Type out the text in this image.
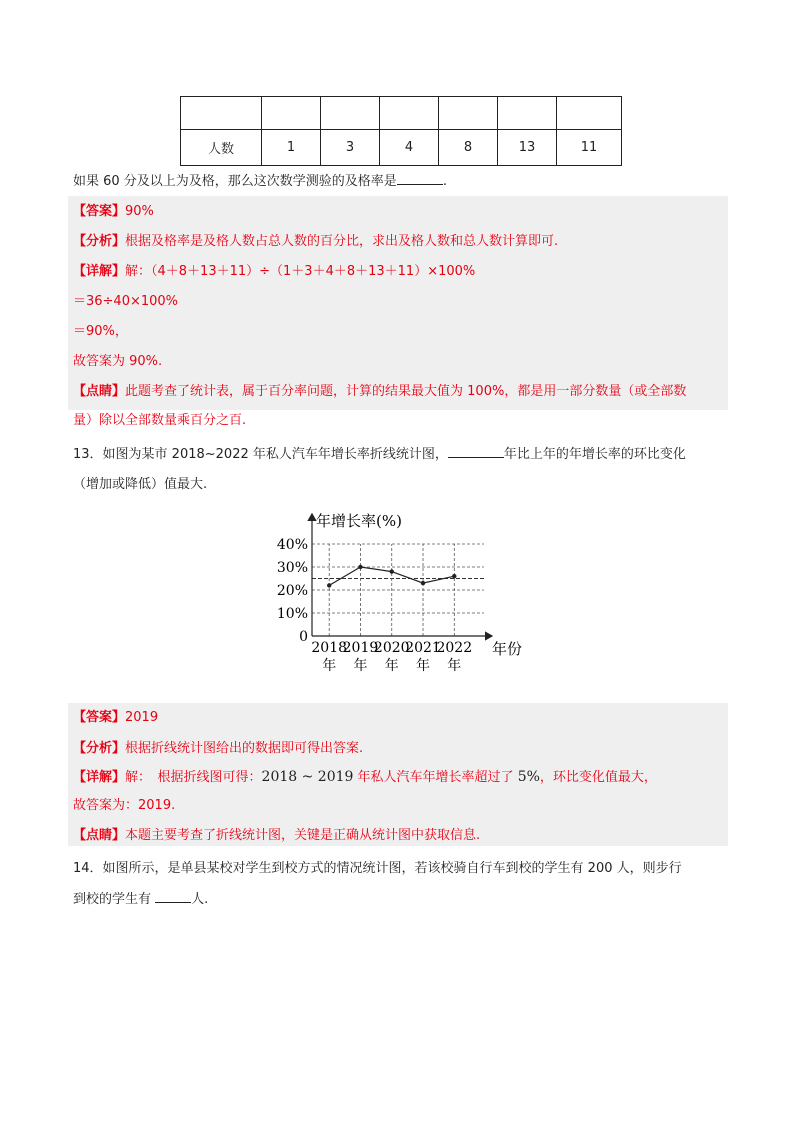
人数	1	3	4	8	13	11
如果 60 分及以上为及格，那么这次数学测验的及格率是	.
【答案】90%
【分析】根据及格率是及格人数占总人数的百分比，求出及格人数和总人数计算即可.
【详解】解：（4＋8＋13＋11）÷（1＋3＋4＋8＋13＋11）×100%
＝36÷40×100%
＝90%，
故答案为 90%.
【点睛】此题考查了统计表，属于百分率问题，计算的结果最大值为 100%，都是用一部分数量（或全部数
量）除以全部数量乘百分之百.
13．如图为某市 2018~2022 年私人汽车年增长率折线统计图，	年比上年的年增长率的环比变化
（增加或降低）值最大.
年增长率(%)
年份
0
10%
20%
30%
40%
2018
年
2019
年
2020
年
2021
年
2022
年
【答案】2019
【分析】根据折线统计图给出的数据即可得出答案.
【详解】解：　根据折线图可得：2018 ~ 2019 年私人汽车年增长率超过了 5%，环比变化值最大，
故答案为：2019.
【点睛】本题主要考查了折线统计图，关键是正确从统计图中获取信息.
14．如图所示，是单县某校对学生到校方式的情况统计图，若该校骑自行车到校的学生有 200 人，则步行
到校的学生有	人.
